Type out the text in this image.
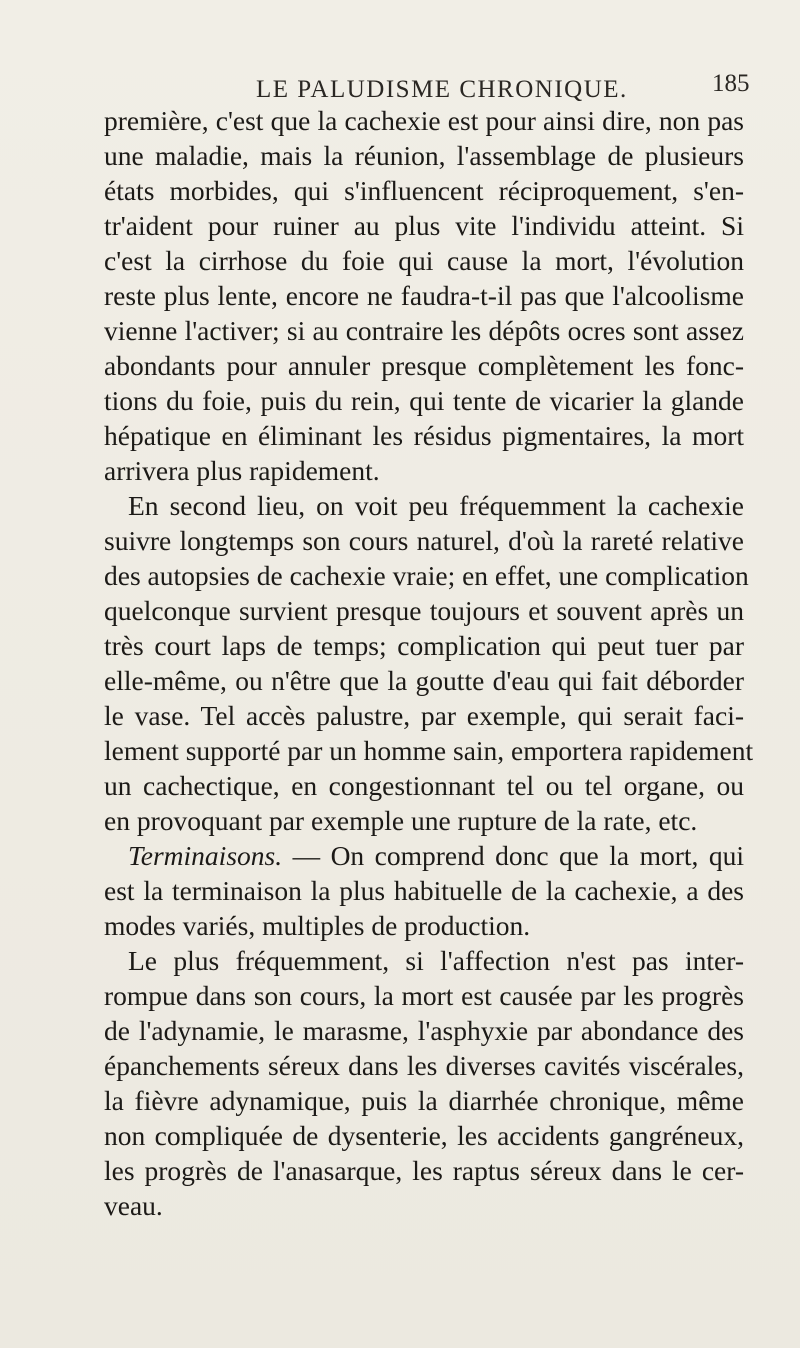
LE PALUDISME CHRONIQUE.	185
première, c'est que la cachexie est pour ainsi dire, non pas
une maladie, mais la réunion, l'assemblage de plusieurs
états morbides, qui s'influencent réciproquement, s'en-
tr'aident pour ruiner au plus vite l'individu atteint. Si
c'est la cirrhose du foie qui cause la mort, l'évolution
reste plus lente, encore ne faudra-t-il pas que l'alcoolisme
vienne l'activer; si au contraire les dépôts ocres sont assez
abondants pour annuler presque complètement les fonc-
tions du foie, puis du rein, qui tente de vicarier la glande
hépatique en éliminant les résidus pigmentaires, la mort
arrivera plus rapidement.
En second lieu, on voit peu fréquemment la cachexie
suivre longtemps son cours naturel, d'où la rareté relative
des autopsies de cachexie vraie; en effet, une complication
quelconque survient presque toujours et souvent après un
très court laps de temps; complication qui peut tuer par
elle-même, ou n'être que la goutte d'eau qui fait déborder
le vase. Tel accès palustre, par exemple, qui serait faci-
lement supporté par un homme sain, emportera rapidement
un cachectique, en congestionnant tel ou tel organe, ou
en provoquant par exemple une rupture de la rate, etc.
Terminaisons. — On comprend donc que la mort, qui
est la terminaison la plus habituelle de la cachexie, a des
modes variés, multiples de production.
Le plus fréquemment, si l'affection n'est pas inter-
rompue dans son cours, la mort est causée par les progrès
de l'adynamie, le marasme, l'asphyxie par abondance des
épanchements séreux dans les diverses cavités viscérales,
la fièvre adynamique, puis la diarrhée chronique, même
non compliquée de dysenterie, les accidents gangréneux,
les progrès de l'anasarque, les raptus séreux dans le cer-
veau.
